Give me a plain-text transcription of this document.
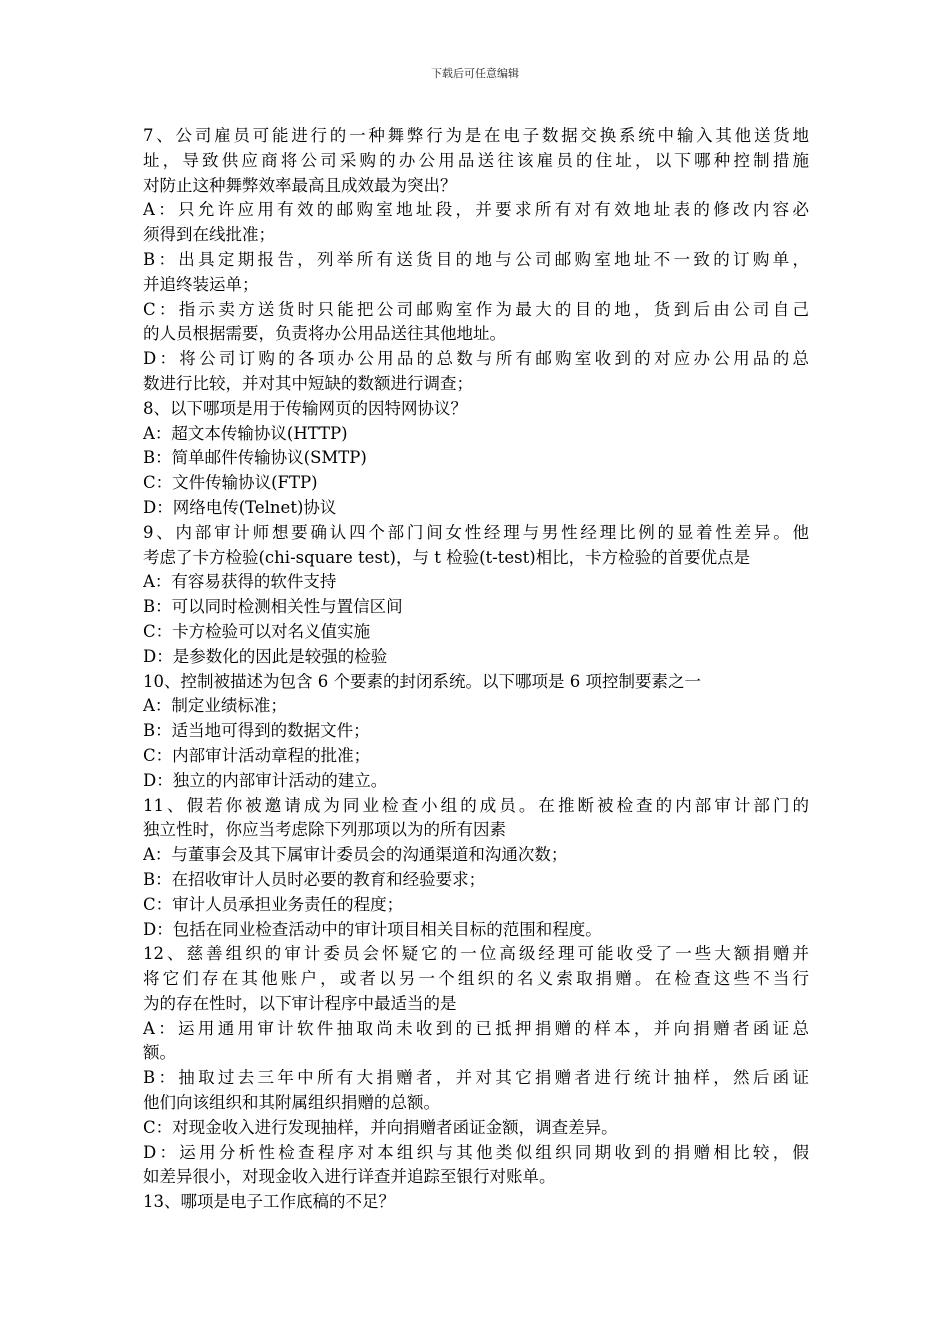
下载后可任意编辑
7、公司雇员可能进行的一种舞弊行为是在电子数据交换系统中输入其他送货地
址，导致供应商将公司采购的办公用品送往该雇员的住址，以下哪种控制措施
对防止这种舞弊效率最高且成效最为突出？
A：只允许应用有效的邮购室地址段，并要求所有对有效地址表的修改内容必
须得到在线批准；
B：出具定期报告，列举所有送货目的地与公司邮购室地址不一致的订购单，
并追终装运单；
C：指示卖方送货时只能把公司邮购室作为最大的目的地，货到后由公司自己
的人员根据需要，负责将办公用品送往其他地址。
D：将公司订购的各项办公用品的总数与所有邮购室收到的对应办公用品的总
数进行比较，并对其中短缺的数额进行调查；
8、以下哪项是用于传输网页的因特网协议？
A：超文本传输协议(HTTP)
B：简单邮件传输协议(SMTP)
C：文件传输协议(FTP)
D：网络电传(Telnet)协议
9、内部审计师想要确认四个部门间女性经理与男性经理比例的显着性差异。他
考虑了卡方检验(chi-square test)，与 t 检验(t-test)相比，卡方检验的首要优点是
A：有容易获得的软件支持
B：可以同时检测相关性与置信区间
C：卡方检验可以对名义值实施
D：是参数化的因此是较强的检验
10、控制被描述为包含 6 个要素的封闭系统。以下哪项是 6 项控制要素之一
A：制定业绩标准；
B：适当地可得到的数据文件；
C：内部审计活动章程的批准；
D：独立的内部审计活动的建立。
11、假若你被邀请成为同业检查小组的成员。在推断被检查的内部审计部门的
独立性时，你应当考虑除下列那项以为的所有因素
A：与董事会及其下属审计委员会的沟通渠道和沟通次数；
B：在招收审计人员时必要的教育和经验要求；
C：审计人员承担业务责任的程度；
D：包括在同业检查活动中的审计项目相关目标的范围和程度。
12、慈善组织的审计委员会怀疑它的一位高级经理可能收受了一些大额捐赠并
将它们存在其他账户，或者以另一个组织的名义索取捐赠。在检查这些不当行
为的存在性时，以下审计程序中最适当的是
A：运用通用审计软件抽取尚未收到的已抵押捐赠的样本，并向捐赠者函证总
额。
B：抽取过去三年中所有大捐赠者，并对其它捐赠者进行统计抽样，然后函证
他们向该组织和其附属组织捐赠的总额。
C：对现金收入进行发现抽样，并向捐赠者函证金额，调查差异。
D：运用分析性检查程序对本组织与其他类似组织同期收到的捐赠相比较，假
如差异很小，对现金收入进行详查并追踪至银行对账单。
13、哪项是电子工作底稿的不足？
